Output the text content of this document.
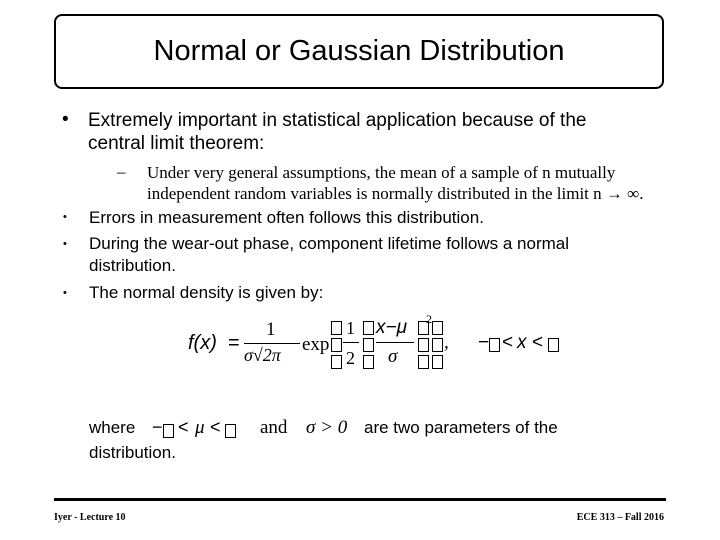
Normal or Gaussian Distribution
• Extremely important in statistical application because of the
central limit theorem:
– Under very general assumptions, the mean of a sample of n mutually
independent random variables is normally distributed in the limit n → ∞.
• Errors in measurement often follows this distribution.
• During the wear-out phase, component lifetime follows a normal
distribution.
• The normal density is given by:
f(x) =
1
σ√2π exp
1
2
x−μ
σ
2
, − < x <
where − < μ < and σ > 0 are two parameters of the
distribution.
Iyer - Lecture 10	ECE 313 – Fall 2016
